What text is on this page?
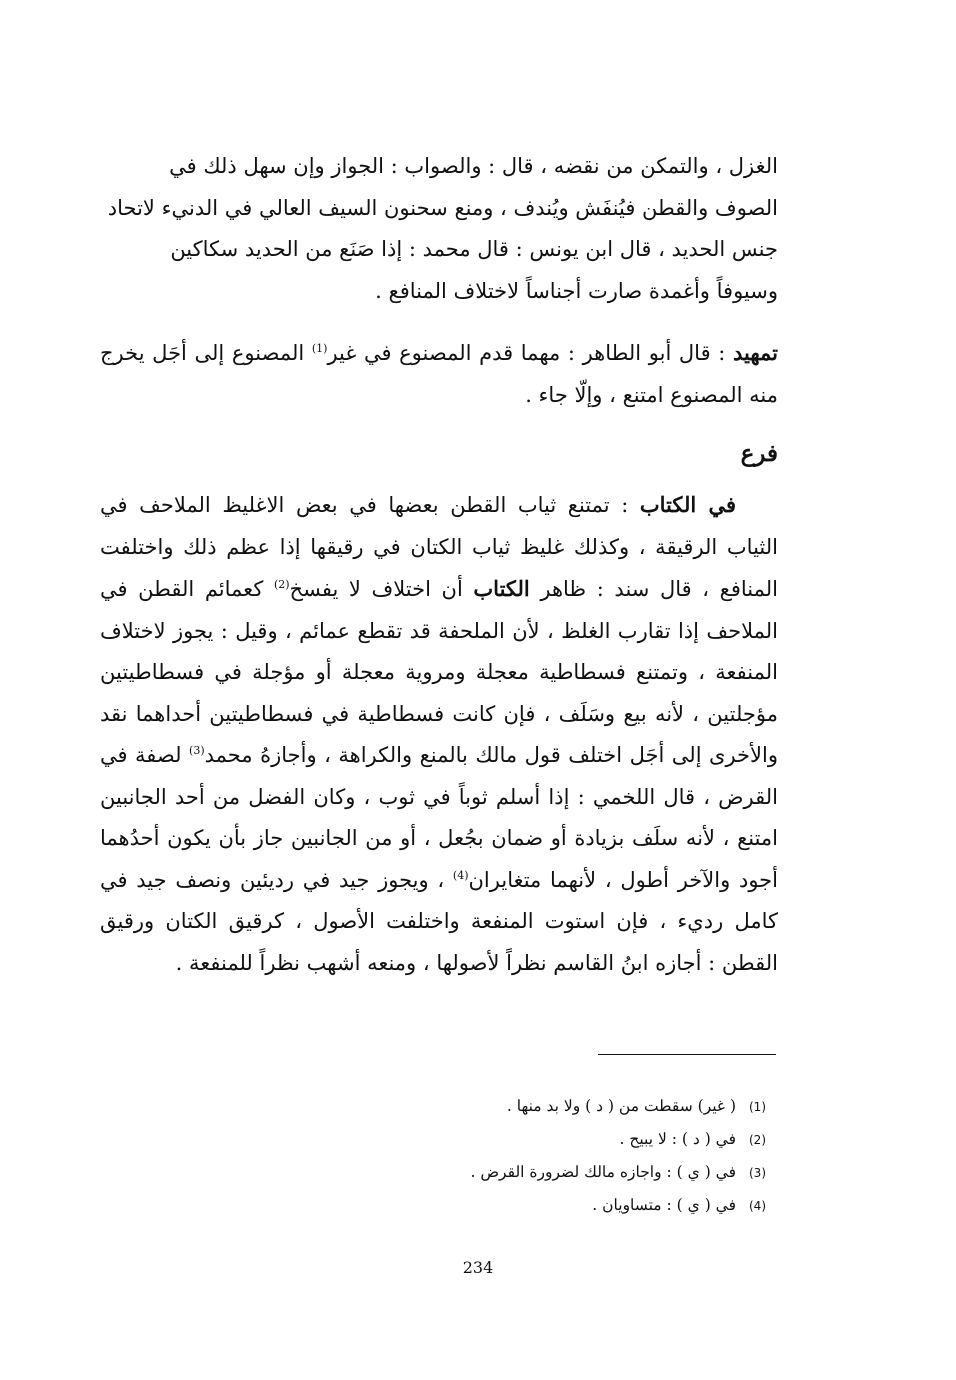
الغزل ، والتمكن من نقضه ، قال : والصواب : الجواز وإن سهل ذلك في
الصوف والقطن فيُنفَش ويُندف ، ومنع سحنون السيف العالي في الدنيء لاتحاد
جنس الحديد ، قال ابن يونس : قال محمد : إذا صَنَع من الحديد سكاكين
وسيوفاً وأغمدة صارت أجناساً لاختلاف المنافع .

تمهيد : قال أبو الطاهر : مهما قدم المصنوع في غير$^{(1)}$ المصنوع إلى أجَل يخرج منه المصنوع امتنع ، وإلّا جاء .

فرع

في الكتاب : تمتنع ثياب القطن بعضها في بعض الاغليظ الملاحف في الثياب الرقيقة ، وكذلك غليظ ثياب الكتان في رقيقها إذا عظم ذلك واختلفت المنافع ، قال سند : ظاهر الكتاب أن اختلاف لا يفسخ$^{(2)}$ كعمائم القطن في الملاحف إذا تقارب الغلظ ، لأن الملحفة قد تقطع عمائم ، وقيل : يجوز لاختلاف المنفعة ، وتمتنع فسطاطية معجلة ومروية معجلة أو مؤجلة في فسطاطيتين مؤجلتين ، لأنه بيع وسَلَف ، فإن كانت فسطاطية في فسطاطيتين أحداهما نقد والأخرى إلى أجَل اختلف قول مالك بالمنع والكراهة ، وأجازهُ محمد$^{(3)}$ لصفة في القرض ، قال اللخمي : إذا أسلم ثوباً في ثوب ، وكان الفضل من أحد الجانبين امتنع ، لأنه سلَف بزيادة أو ضمان بجُعل ، أو من الجانبين جاز بأن يكون أحدُهما أجود والآخر أطول ، لأنهما متغايران$^{(4)}$ ، ويجوز جيد في رديئين ونصف جيد في كامل رديء ، فإن استوت المنفعة واختلفت الأصول ، كرقيق الكتان ورقيق القطن : أجازه ابنُ القاسم نظراً لأصولها ، ومنعه أشهب نظراً للمنفعة .

(1)( غير) سقطت من ( د ) ولا بد منها .
(2)في ( د ) : لا يبيح .
(3)في ( ي ) : واجازه مالك لضرورة القرض .
(4)في ( ي ) : متساويان .
234
